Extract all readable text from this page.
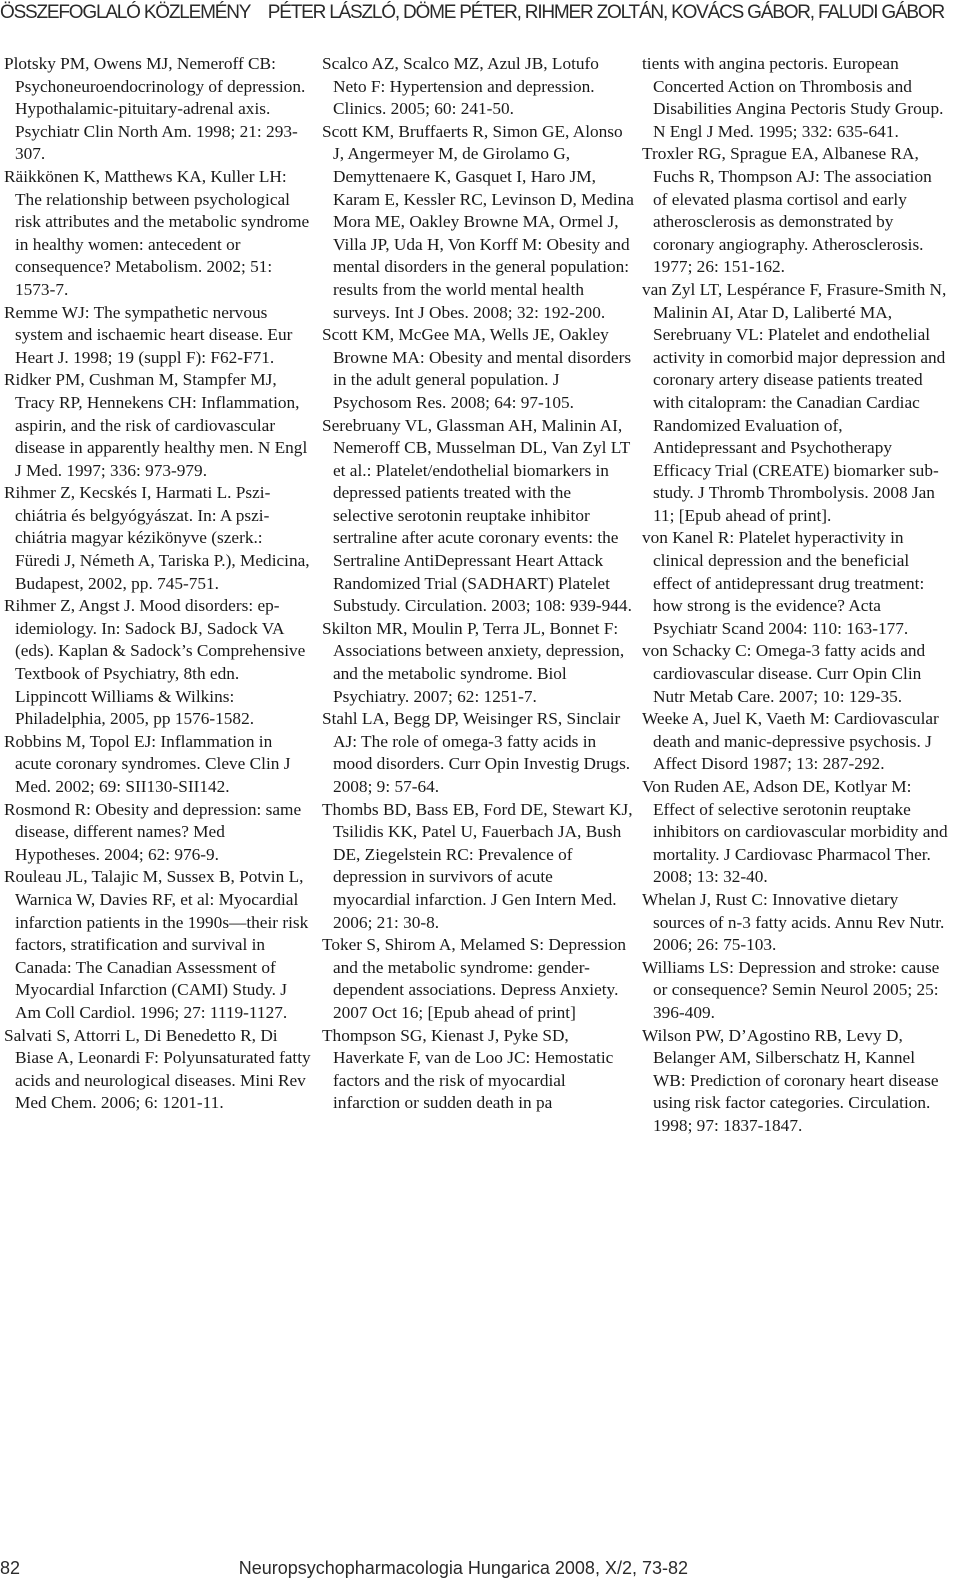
ÖSSZEFOGLALÓ KÖZLEMÉNY PÉTER LÁSZLÓ, DÖME PÉTER, RIHMER ZOLTÁN, KOVÁCS GÁBOR, FALUDI GÁBOR

Plotsky PM, Owens MJ, Nemeroff CB: Psychoneuroendocrinology of depression. Hypothalamic-pituitary-adrenal axis. Psychiatr Clin North Am. 1998; 21: 293-307.

Räikkönen K, Matthews KA, Kuller LH: The relationship between psychological risk attributes and the metabolic syndrome in healthy women: antecedent or consequence? Metabolism. 2002; 51: 1573-7.

Remme WJ: The sympathetic nervous system and ischaemic heart disease. Eur Heart J. 1998; 19 (suppl F): F62-F71.

Ridker PM, Cushman M, Stampfer MJ, Tracy RP, Hennekens CH: Inflammation, aspirin, and the risk of cardiovascular disease in apparently healthy men. N Engl J Med. 1997; 336: 973-979.

Rihmer Z, Kecskés I, Harmati L. Pszichiátria és belgyógyászat. In: A pszichiátria magyar kézikönyve (szerk.: Füredi J, Németh A, Tariska P.), Medicina, Budapest, 2002, pp. 745-751.

Rihmer Z, Angst J. Mood disorders: epidemiology. In: Sadock BJ, Sadock VA (eds). Kaplan & Sadock’s Comprehensive Textbook of Psychiatry, 8th edn. Lippincott Williams & Wilkins: Philadelphia, 2005, pp 1576-1582.

Robbins M, Topol EJ: Inflammation in acute coronary syndromes. Cleve Clin J Med. 2002; 69: SII130-SII142.

Rosmond R: Obesity and depression: same disease, different names? Med Hypotheses. 2004; 62: 976-9.

Rouleau JL, Talajic M, Sussex B, Potvin L, Warnica W, Davies RF, et al: Myocardial infarction patients in the 1990s—their risk factors, stratification and survival in Canada: The Canadian Assessment of Myocardial Infarction (CAMI) Study. J Am Coll Cardiol. 1996; 27: 1119-1127.

Salvati S, Attorri L, Di Benedetto R, Di Biase A, Leonardi F: Polyunsaturated fatty acids and neurological diseases. Mini Rev Med Chem. 2006; 6: 1201-11.

Scalco AZ, Scalco MZ, Azul JB, Lotufo Neto F: Hypertension and depression. Clinics. 2005; 60: 241-50.

Scott KM, Bruffaerts R, Simon GE, Alonso J, Angermeyer M, de Girolamo G, Demyttenaere K, Gasquet I, Haro JM, Karam E, Kessler RC, Levinson D, Medina Mora ME, Oakley Browne MA, Ormel J, Villa JP, Uda H, Von Korff M: Obesity and mental disorders in the general population: results from the world mental health surveys. Int J Obes. 2008; 32: 192-200.

Scott KM, McGee MA, Wells JE, Oakley Browne MA: Obesity and mental disorders in the adult general population. J Psychosom Res. 2008; 64: 97-105.

Serebruany VL, Glassman AH, Malinin AI, Nemeroff CB, Musselman DL, Van Zyl LT et al.: Platelet/endothelial biomarkers in depressed patients treated with the selective serotonin reuptake inhibitor sertraline after acute coronary events: the Sertraline AntiDepressant Heart Attack Randomized Trial (SADHART) Platelet Substudy. Circulation. 2003; 108: 939-944.

Skilton MR, Moulin P, Terra JL, Bonnet F: Associations between anxiety, depression, and the metabolic syndrome. Biol Psychiatry. 2007; 62: 1251-7.

Stahl LA, Begg DP, Weisinger RS, Sinclair AJ: The role of omega-3 fatty acids in mood disorders. Curr Opin Investig Drugs. 2008; 9: 57-64.

Thombs BD, Bass EB, Ford DE, Stewart KJ, Tsilidis KK, Patel U, Fauerbach JA, Bush DE, Ziegelstein RC: Prevalence of depression in survivors of acute myocardial infarction. J Gen Intern Med. 2006; 21: 30-8.

Toker S, Shirom A, Melamed S: Depression and the metabolic syndrome: gender-dependent associations. Depress Anxiety. 2007 Oct 16; [Epub ahead of print]

Thompson SG, Kienast J, Pyke SD, Haverkate F, van de Loo JC: Hemostatic factors and the risk of myocardial infarction or sudden death in pa

tients with angina pectoris. European Concerted Action on Thrombosis and Disabilities Angina Pectoris Study Group. N Engl J Med. 1995; 332: 635-641.

Troxler RG, Sprague EA, Albanese RA, Fuchs R, Thompson AJ: The association of elevated plasma cortisol and early atherosclerosis as demonstrated by coronary angiography. Atherosclerosis. 1977; 26: 151-162.

van Zyl LT, Lespérance F, Frasure-Smith N, Malinin AI, Atar D, Laliberté MA, Serebruany VL: Platelet and endothelial activity in comorbid major depression and coronary artery disease patients treated with citalopram: the Canadian Cardiac Randomized Evaluation of, Antidepressant and Psychotherapy Efficacy Trial (CREATE) biomarker sub-study. J Thromb Thrombolysis. 2008 Jan 11; [Epub ahead of print].

von Kanel R: Platelet hyperactivity in clinical depression and the beneficial effect of antidepressant drug treatment: how strong is the evidence? Acta Psychiatr Scand 2004: 110: 163-177.

von Schacky C: Omega-3 fatty acids and cardiovascular disease. Curr Opin Clin Nutr Metab Care. 2007; 10: 129-35.

Weeke A, Juel K, Vaeth M: Cardiovascular death and manic-depressive psychosis. J Affect Disord 1987; 13: 287-292.

Von Ruden AE, Adson DE, Kotlyar M: Effect of selective serotonin reuptake inhibitors on cardiovascular morbidity and mortality. J Cardiovasc Pharmacol Ther. 2008; 13: 32-40.

Whelan J, Rust C: Innovative dietary sources of n-3 fatty acids. Annu Rev Nutr. 2006; 26: 75-103.

Williams LS: Depression and stroke: cause or consequence? Semin Neurol 2005; 25: 396-409.

Wilson PW, D’Agostino RB, Levy D, Belanger AM, Silberschatz H, Kannel WB: Prediction of coronary heart disease using risk factor categories. Circulation. 1998; 97: 1837-1847.

82	Neuropsychopharmacologia Hungarica 2008, X/2, 73-82
